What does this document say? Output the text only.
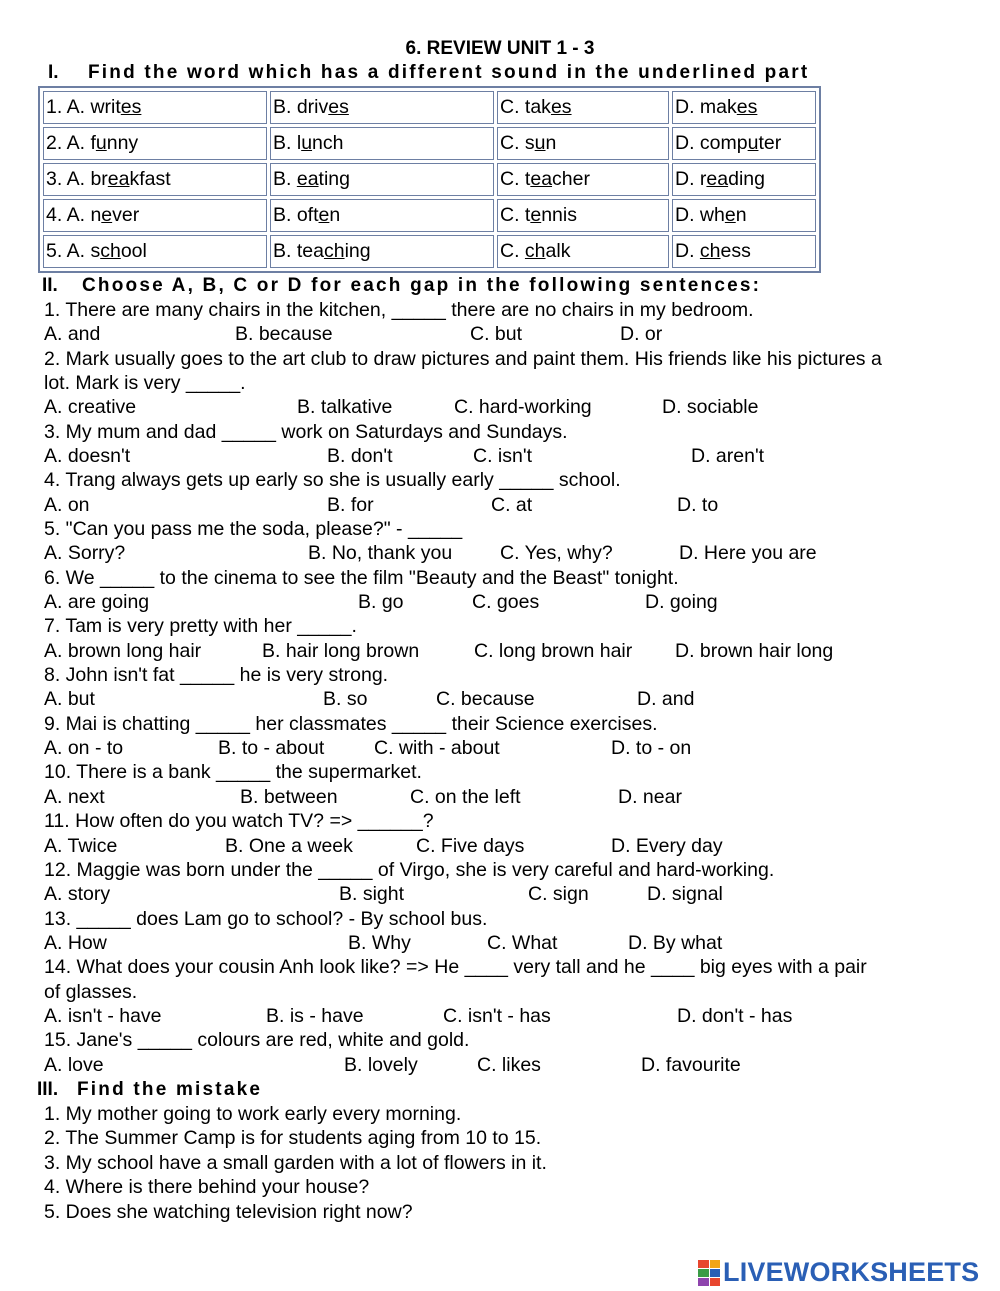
6. REVIEW UNIT 1 - 3
I. Find the word which has a different sound in the underlined part
1. A. writes	B. drives	C. takes	D. makes
2. A. funny	B. lunch	C. sun	D. computer
3. A. breakfast	B. eating	C. teacher	D. reading
4. A. never	B. often	C. tennis	D. when
5. A. school	B. teaching	C. chalk	D. chess
II. Choose A, B, C or D for each gap in the following sentences:
1. There are many chairs in the kitchen, _____ there are no chairs in my bedroom.
A. and	B. because	C. but	D. or
2. Mark usually goes to the art club to draw pictures and paint them. His friends like his pictures a
lot. Mark is very _____.
A. creative	B. talkative	C. hard-working	D. sociable
3. My mum and dad _____ work on Saturdays and Sundays.
A. doesn't	B. don't	C. isn't	D. aren't
4. Trang always gets up early so she is usually early _____ school.
A. on	B. for	C. at	D. to
5. "Can you pass me the soda, please?" - _____
A. Sorry?	B. No, thank you C. Yes, why?	D. Here you are
6. We _____ to the cinema to see the film "Beauty and the Beast" tonight.
A. are going	B. go	C. goes	D. going
7. Tam is very pretty with her _____.
A. brown long hair	B. hair long brown	C. long brown hair D. brown hair long
8. John isn't fat _____ he is very strong.
A. but	B. so	C. because	D. and
9. Mai is chatting _____ her classmates _____ their Science exercises.
A. on - to	B. to - about	C. with - about	D. to - on
10. There is a bank _____ the supermarket.
A. next	B. between	C. on the left	D. near
11. How often do you watch TV? => ______?
A. Twice	B. One a week	C. Five days	D. Every day
12. Maggie was born under the _____ of Virgo, she is very careful and hard-working.
A. story	B. sight	C. sign	D. signal
13. _____ does Lam go to school? - By school bus.
A. How	B. Why	C. What	D. By what
14. What does your cousin Anh look like? => He ____ very tall and he ____ big eyes with a pair
of glasses.
A. isn't - have	B. is - have	C. isn't - has	D. don't - has
15. Jane's _____ colours are red, white and gold.
A. love	B. lovely	C. likes	D. favourite
III. Find the mistake
1. My mother going to work early every morning.
2. The Summer Camp is for students aging from 10 to 15.
3. My school have a small garden with a lot of flowers in it.
4. Where is there behind your house?
5. Does she watching television right now?
LIVEWORKSHEETS
